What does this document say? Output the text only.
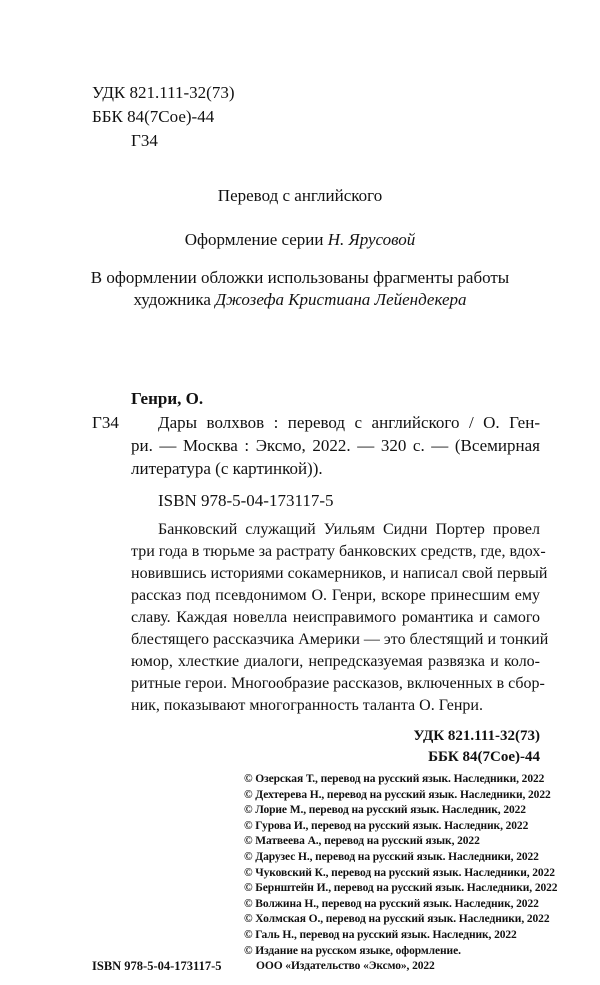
УДК 821.111-32(73)
ББК 84(7Сое)-44
Г34
Перевод с английского
Оформление серии Н. Ярусовой
В оформлении обложки использованы фрагменты работы
художника Джозефа Кристиана Лейендекера
Генри, О.
Г34 Дары волхвов : перевод с английского / О. Ген-
ри. — Москва : Эксмо, 2022. — 320 с. — (Всемирная
литература (с картинкой)).
ISBN 978-5-04-173117-5
Банковский служащий Уильям Сидни Портер провел
три года в тюрьме за растрату банковских средств, где, вдох-
новившись историями сокамерников, и написал свой первый
рассказ под псевдонимом О. Генри, вскоре принесшим ему
славу. Каждая новелла неисправимого романтика и самого
блестящего рассказчика Америки — это блестящий и тонкий
юмор, хлесткие диалоги, непредсказуемая развязка и коло-
ритные герои. Многообразие рассказов, включенных в сбор-
ник, показывают многогранность таланта О. Генри.
УДК 821.111-32(73)
ББК 84(7Сое)-44
© Озерская Т., перевод на русский язык. Наследники, 2022
© Дехтерева Н., перевод на русский язык. Наследники, 2022
© Лорие М., перевод на русский язык. Наследник, 2022
© Гурова И., перевод на русский язык. Наследник, 2022
© Матвеева А., перевод на русский язык, 2022
© Дарузес Н., перевод на русский язык. Наследники, 2022
© Чуковский К., перевод на русский язык. Наследники, 2022
© Бернштейн И., перевод на русский язык. Наследники, 2022
© Волжина Н., перевод на русский язык. Наследник, 2022
© Холмская О., перевод на русский язык. Наследники, 2022
© Галь Н., перевод на русский язык. Наследник, 2022
© Издание на русском языке, оформление.
ISBN 978-5-04-173117-5	ООО «Издательство «Эксмо», 2022
